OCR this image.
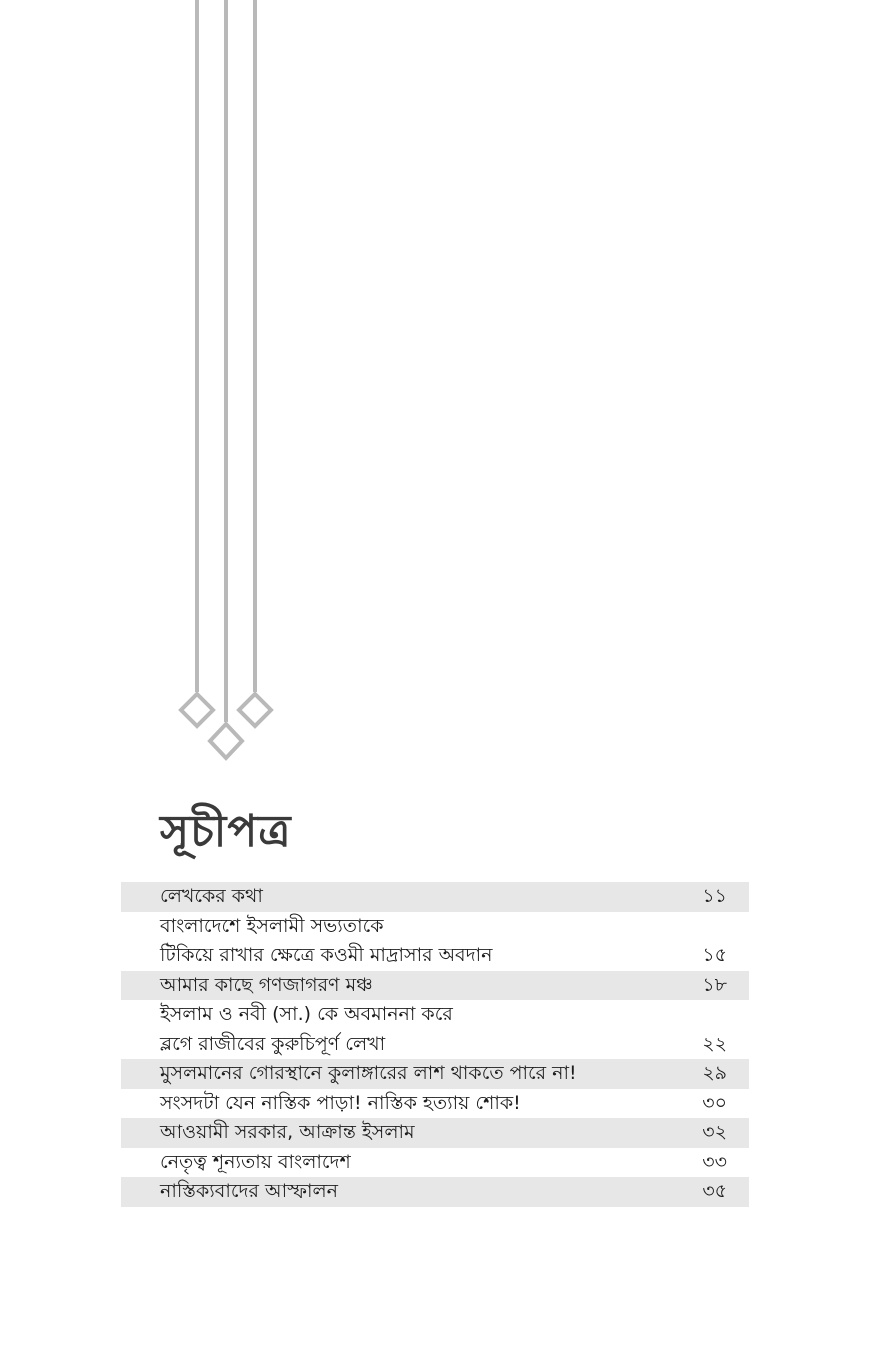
সূচীপত্র
লেখকের কথা	১১
বাংলাদেশে ইসলামী সভ্যতাকে
টিকিয়ে রাখার ক্ষেত্রে কওমী মাদ্রাসার অবদান	১৫
আমার কাছে গণজাগরণ মঞ্চ	১৮
ইসলাম ও নবী (সা.) কে অবমাননা করে
ব্লগে রাজীবের কুরুচিপূর্ণ লেখা	২২
মুসলমানের গোরস্থানে কুলাঙ্গারের লাশ থাকতে পারে না!	২৯
সংসদটা যেন নাস্তিক পাড়া! নাস্তিক হত্যায় শোক!	৩০
আওয়ামী সরকার, আক্রান্ত ইসলাম	৩২
নেতৃত্ব শূন্যতায় বাংলাদেশ	৩৩
নাস্তিক্যবাদের আস্ফালন	৩৫
